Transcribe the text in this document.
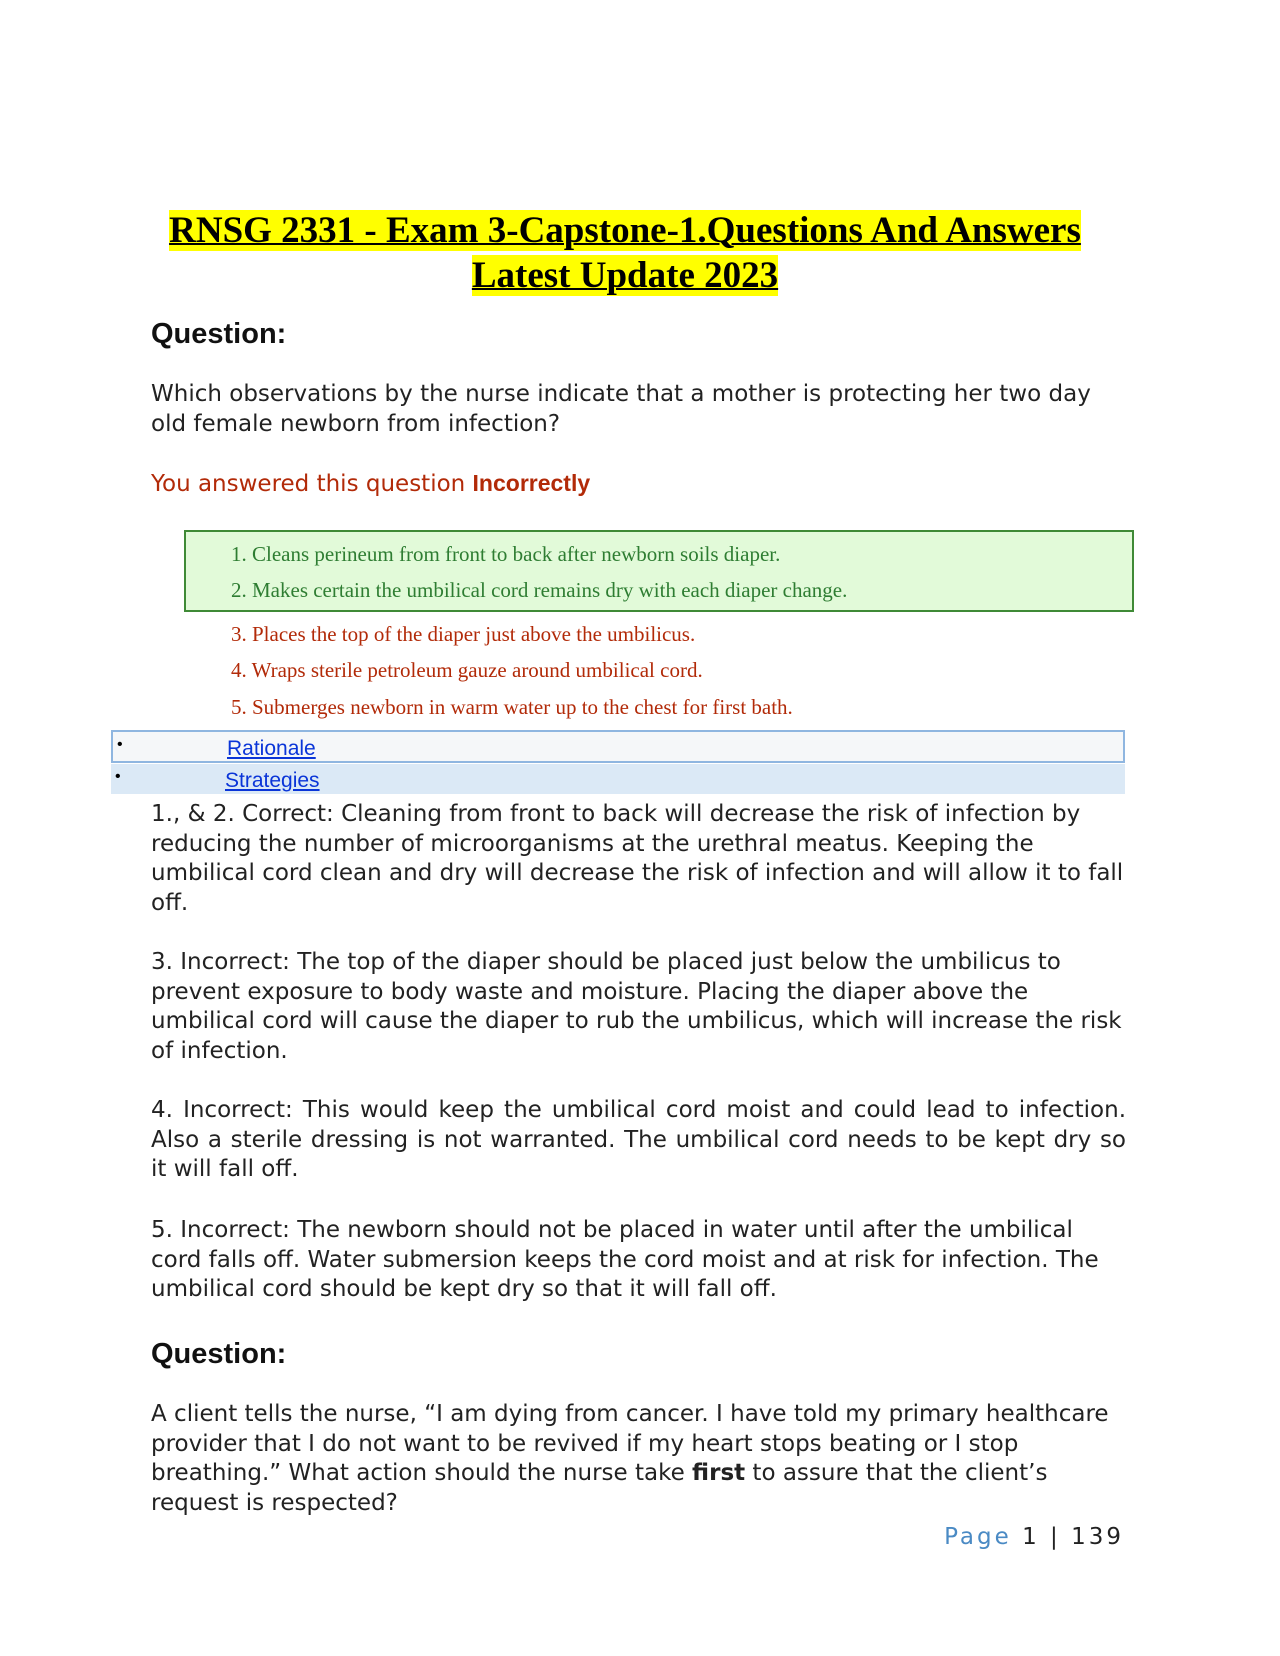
RNSG 2331 - Exam 3-Capstone-1.Questions And Answers
Latest Update 2023
Question:
Which observations by the nurse indicate that a mother is protecting her two day old female newborn from infection?
You answered this question Incorrectly
1. Cleans perineum from front to back after newborn soils diaper.
2. Makes certain the umbilical cord remains dry with each diaper change.
3. Places the top of the diaper just above the umbilicus.
4. Wraps sterile petroleum gauze around umbilical cord.
5. Submerges newborn in warm water up to the chest for first bath.
•	Rationale
•	Strategies
1., & 2. Correct: Cleaning from front to back will decrease the risk of infection by reducing the number of microorganisms at the urethral meatus. Keeping the umbilical cord clean and dry will decrease the risk of infection and will allow it to fall off.
3. Incorrect: The top of the diaper should be placed just below the umbilicus to prevent exposure to body waste and moisture. Placing the diaper above the umbilical cord will cause the diaper to rub the umbilicus, which will increase the risk of infection.
4. Incorrect: This would keep the umbilical cord moist and could lead to infection. Also a sterile dressing is not warranted. The umbilical cord needs to be kept dry so it will fall off.
5. Incorrect: The newborn should not be placed in water until after the umbilical cord falls off. Water submersion keeps the cord moist and at risk for infection. The umbilical cord should be kept dry so that it will fall off.
Question:
A client tells the nurse, “I am dying from cancer. I have told my primary healthcare provider that I do not want to be revived if my heart stops beating or I stop breathing.” What action should the nurse take first to assure that the client’s request is respected?
Page 1 | 139
